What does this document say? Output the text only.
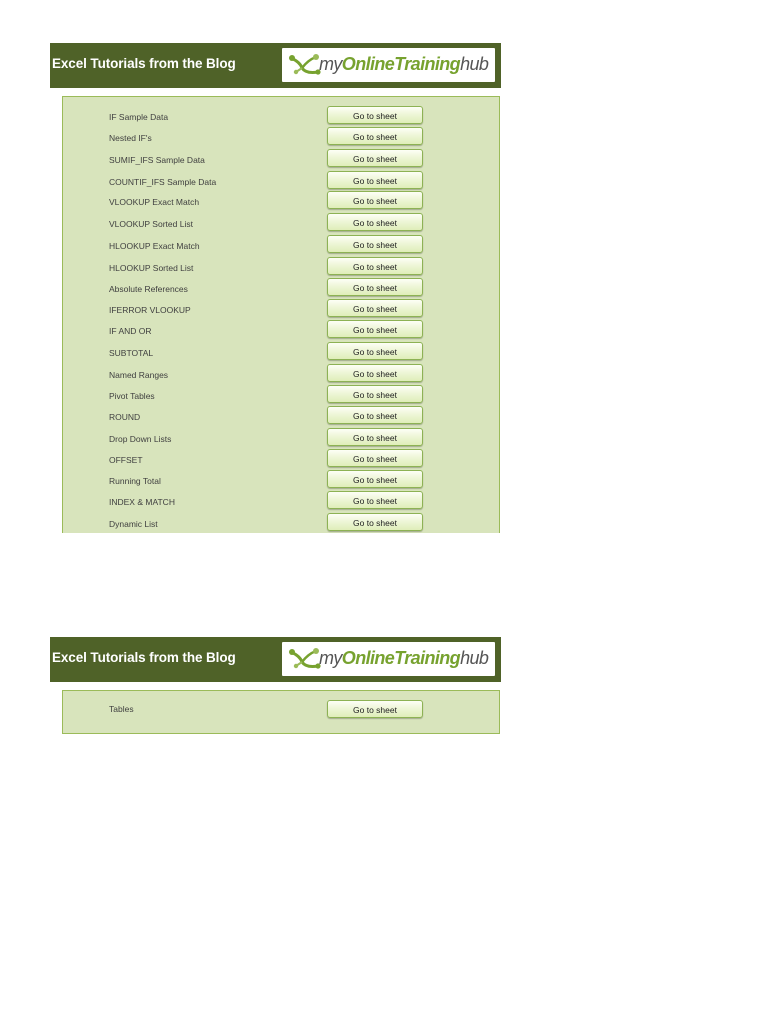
Excel Tutorials from the Blog	myOnlineTraininghub
IF Sample Data	Go to sheet
Nested IF's	Go to sheet
SUMIF_IFS Sample Data	Go to sheet
COUNTIF_IFS Sample Data	Go to sheet
VLOOKUP Exact Match	Go to sheet
VLOOKUP Sorted List	Go to sheet
HLOOKUP Exact Match	Go to sheet
HLOOKUP Sorted List	Go to sheet
Absolute References	Go to sheet
IFERROR VLOOKUP	Go to sheet
IF AND OR	Go to sheet
SUBTOTAL	Go to sheet
Named Ranges	Go to sheet
Pivot Tables	Go to sheet
ROUND	Go to sheet
Drop Down Lists	Go to sheet
OFFSET	Go to sheet
Running Total	Go to sheet
INDEX & MATCH	Go to sheet
Dynamic List	Go to sheet
Excel Tutorials from the Blog	myOnlineTraininghub
Tables	Go to sheet
